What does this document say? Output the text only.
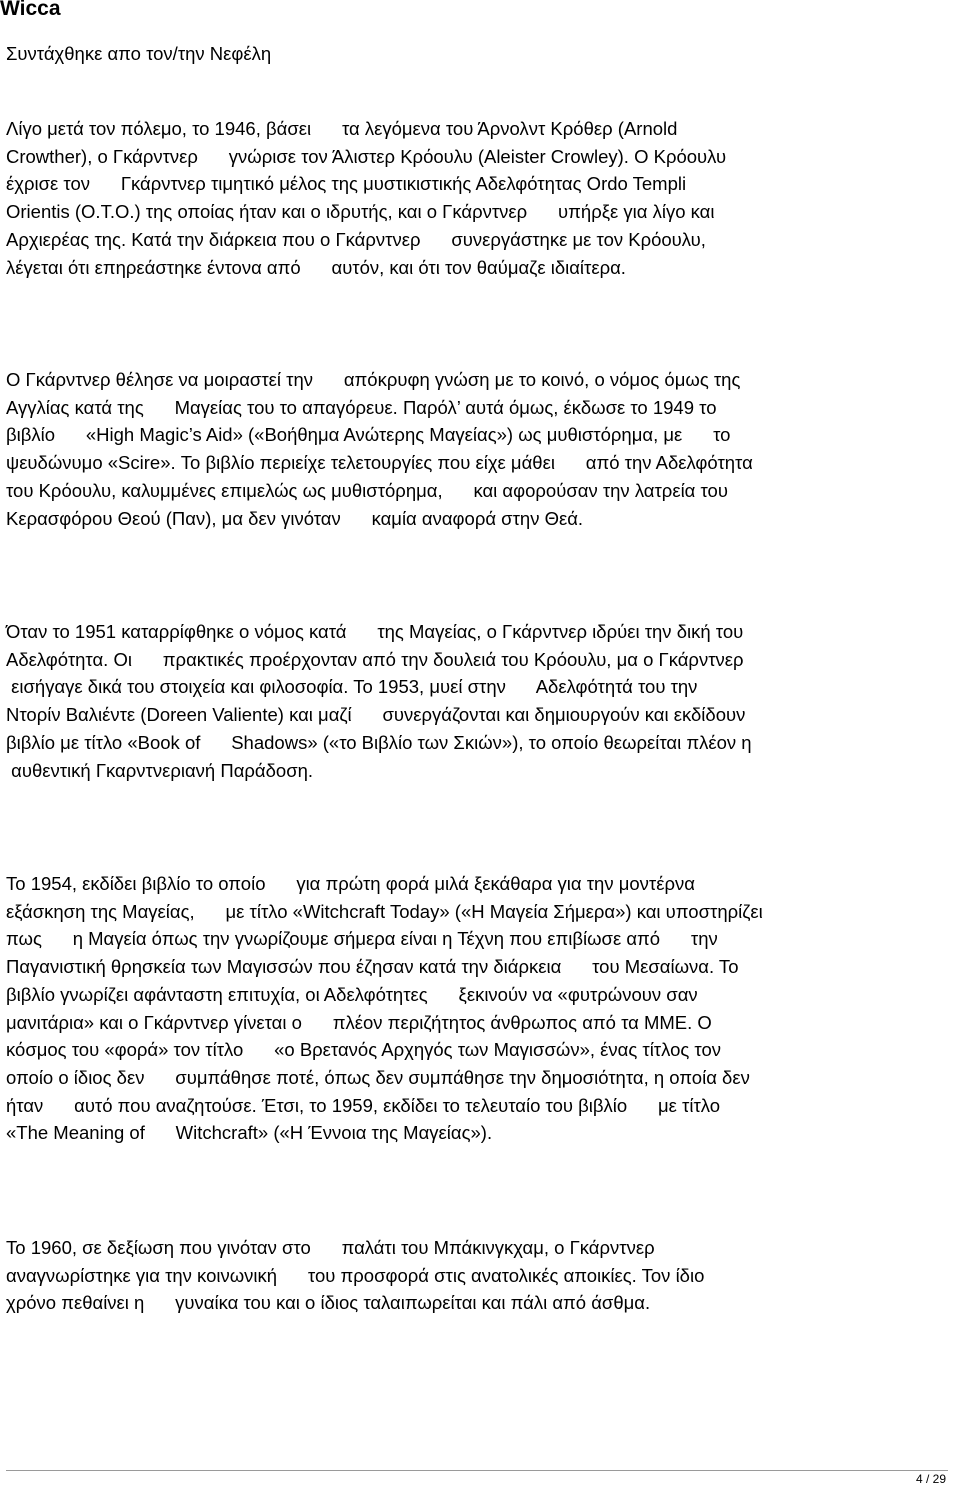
Wicca
Συντάχθηκε απο τον/την Νεφέλη
Λίγο μετά τον πόλεμο, το 1946, βάσει      τα λεγόμενα του Άρνολντ Κρόθερ (Arnold
Crowther), ο Γκάρντνερ      γνώρισε τον Άλιστερ Κρόουλυ (Aleister Crowley). Ο Κρόουλυ
έχρισε τον      Γκάρντνερ τιμητικό μέλος της μυστικιστικής Αδελφότητας Ordo Templi
Orientis (O.T.O.) της οποίας ήταν και ο ιδρυτής, και ο Γκάρντνερ      υπήρξε για λίγο και
Αρχιερέας της. Κατά την διάρκεια που ο Γκάρντνερ      συνεργάστηκε με τον Κρόουλυ,
λέγεται ότι επηρεάστηκε έντονα από      αυτόν, και ότι τον θαύμαζε ιδιαίτερα.
Ο Γκάρντνερ θέλησε να μοιραστεί την      απόκρυφη γνώση με το κοινό, ο νόμος όμως της
Αγγλίας κατά της      Μαγείας του το απαγόρευε. Παρόλ’ αυτά όμως, έκδωσε το 1949 το
βιβλίο      «High Magic’s Aid» («Βοήθημα Ανώτερης Μαγείας») ως μυθιστόρημα, με      το
ψευδώνυμο «Scire». Το βιβλίο περιείχε τελετουργίες που είχε μάθει      από την Αδελφότητα
του Κρόουλυ, καλυμμένες επιμελώς ως μυθιστόρημα,      και αφορούσαν την λατρεία του
Κερασφόρου Θεού (Παν), μα δεν γινόταν      καμία αναφορά στην Θεά.
Όταν το 1951 καταρρίφθηκε ο νόμος κατά      της Μαγείας, ο Γκάρντνερ ιδρύει την δική του
Αδελφότητα. Οι      πρακτικές προέρχονταν από την δουλειά του Κρόουλυ, μα ο Γκάρντνερ
εισήγαγε δικά του στοιχεία και φιλοσοφία. Το 1953, μυεί στην      Αδελφότητά του την
Ντορίν Βαλιέντε (Doreen Valiente) και μαζί      συνεργάζονται και δημιουργούν και εκδίδουν
βιβλίο με τίτλο «Book of      Shadows» («το Βιβλίο των Σκιών»), το οποίο θεωρείται πλέον η
αυθεντική Γκαρντνεριανή Παράδοση.
Το 1954, εκδίδει βιβλίο το οποίο      για πρώτη φορά μιλά ξεκάθαρα για την μοντέρνα
εξάσκηση της Μαγείας,      με τίτλο «Witchcraft Today» («Η Μαγεία Σήμερα») και υποστηρίζει
πως      η Μαγεία όπως την γνωρίζουμε σήμερα είναι η Τέχνη που επιβίωσε από      την
Παγανιστική θρησκεία των Μαγισσών που έζησαν κατά την διάρκεια      του Μεσαίωνα. Το
βιβλίο γνωρίζει αφάνταστη επιτυχία, οι Αδελφότητες      ξεκινούν να «φυτρώνουν σαν
μανιτάρια» και ο Γκάρντνερ γίνεται ο      πλέον περιζήτητος άνθρωπος από τα ΜΜΕ. Ο
κόσμος του «φορά» τον τίτλο      «ο Βρετανός Αρχηγός των Μαγισσών», ένας τίτλος τον
οποίο ο ίδιος δεν      συμπάθησε ποτέ, όπως δεν συμπάθησε την δημοσιότητα, η οποία δεν
ήταν      αυτό που αναζητούσε. Έτσι, το 1959, εκδίδει το τελευταίο του βιβλίο      με τίτλο
«The Meaning of      Witchcraft» («Η Έννοια της Μαγείας»).
Το 1960, σε δεξίωση που γινόταν στο      παλάτι του Μπάκινγκχαμ, ο Γκάρντνερ
αναγνωρίστηκε για την κοινωνική      του προσφορά στις ανατολικές αποικίες. Τον ίδιο
χρόνο πεθαίνει η      γυναίκα του και ο ίδιος ταλαιπωρείται και πάλι από άσθμα.
4 / 29
